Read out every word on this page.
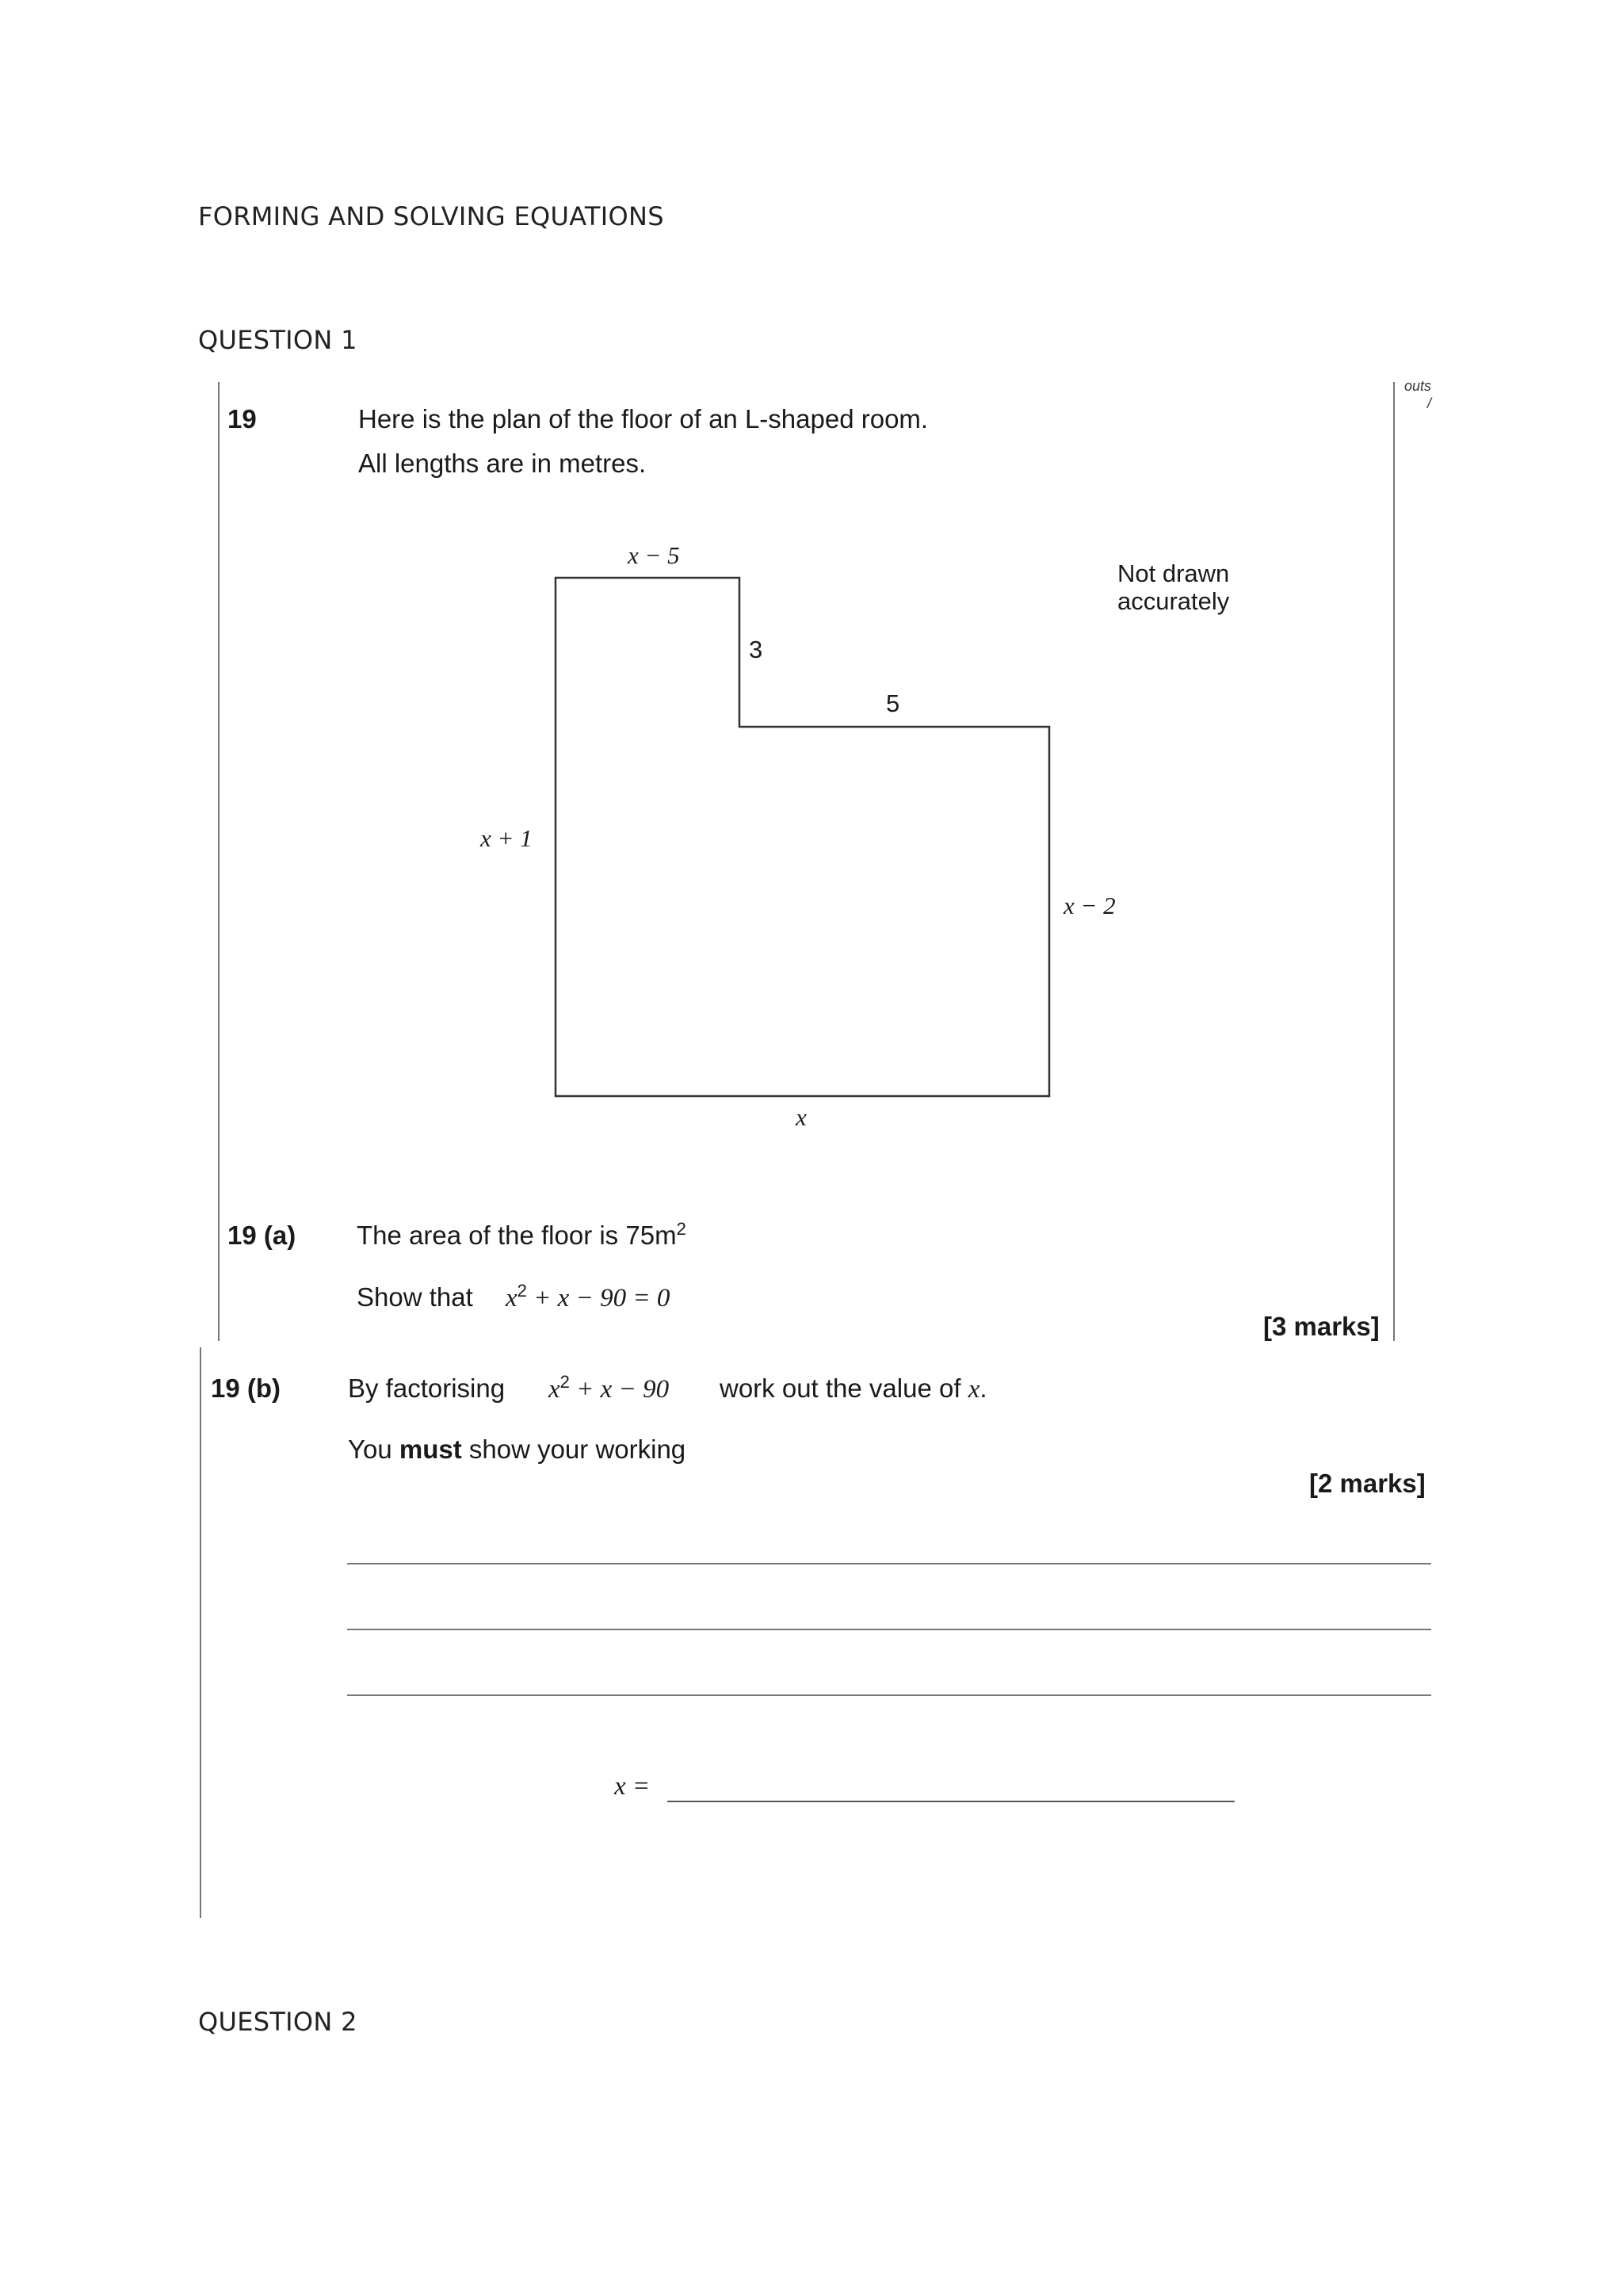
FORMING AND SOLVING EQUATIONS
QUESTION 1
QUESTION 2
outs
/
19	Here is the plan of the floor of an L-shaped room.
All lengths are in metres.
x − 5
3
5
x + 1
x − 2
x
Not drawn
accurately
19 (a) The area of the floor is $75m^2$
Show that $x^2 + x - 90 = 0$
[3 marks]
19 (b)	By factorising $x^2 + x - 90$ work out the value of x.
You must show your working
[2 marks]
x =
